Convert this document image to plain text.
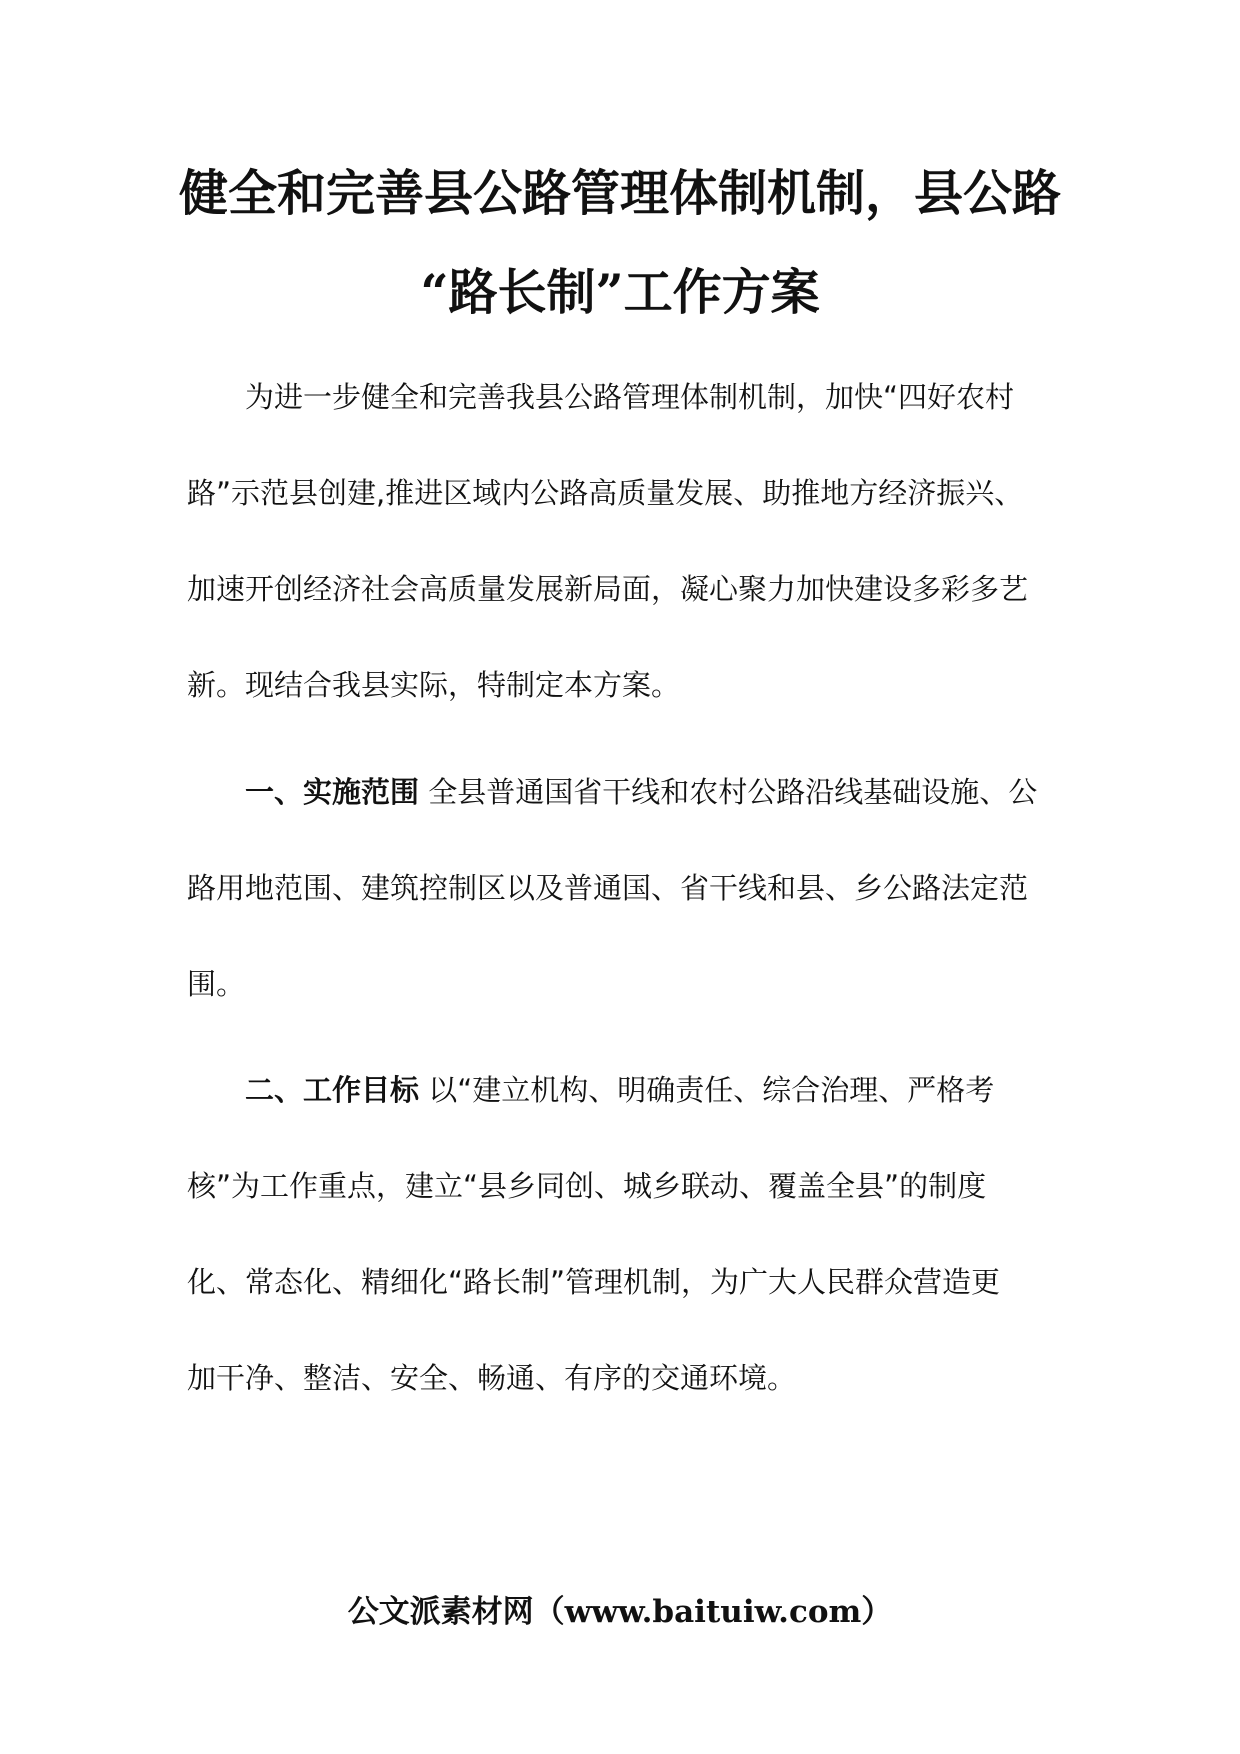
健全和完善县公路管理体制机制，县公路
“路长制”工作方案
为进一步健全和完善我县公路管理体制机制，加快“四好农村
路”示范县创建,推进区域内公路高质量发展、助推地方经济振兴、
加速开创经济社会高质量发展新局面，凝心聚力加快建设多彩多艺
新。现结合我县实际，特制定本方案。
一、实施范围 全县普通国省干线和农村公路沿线基础设施、公
路用地范围、建筑控制区以及普通国、省干线和县、乡公路法定范
围。
二、工作目标 以“建立机构、明确责任、综合治理、严格考
核”为工作重点，建立“县乡同创、城乡联动、覆盖全县”的制度
化、常态化、精细化“路长制”管理机制，为广大人民群众营造更
加干净、整洁、安全、畅通、有序的交通环境。
公文派素材网（www.baituiw.com）
